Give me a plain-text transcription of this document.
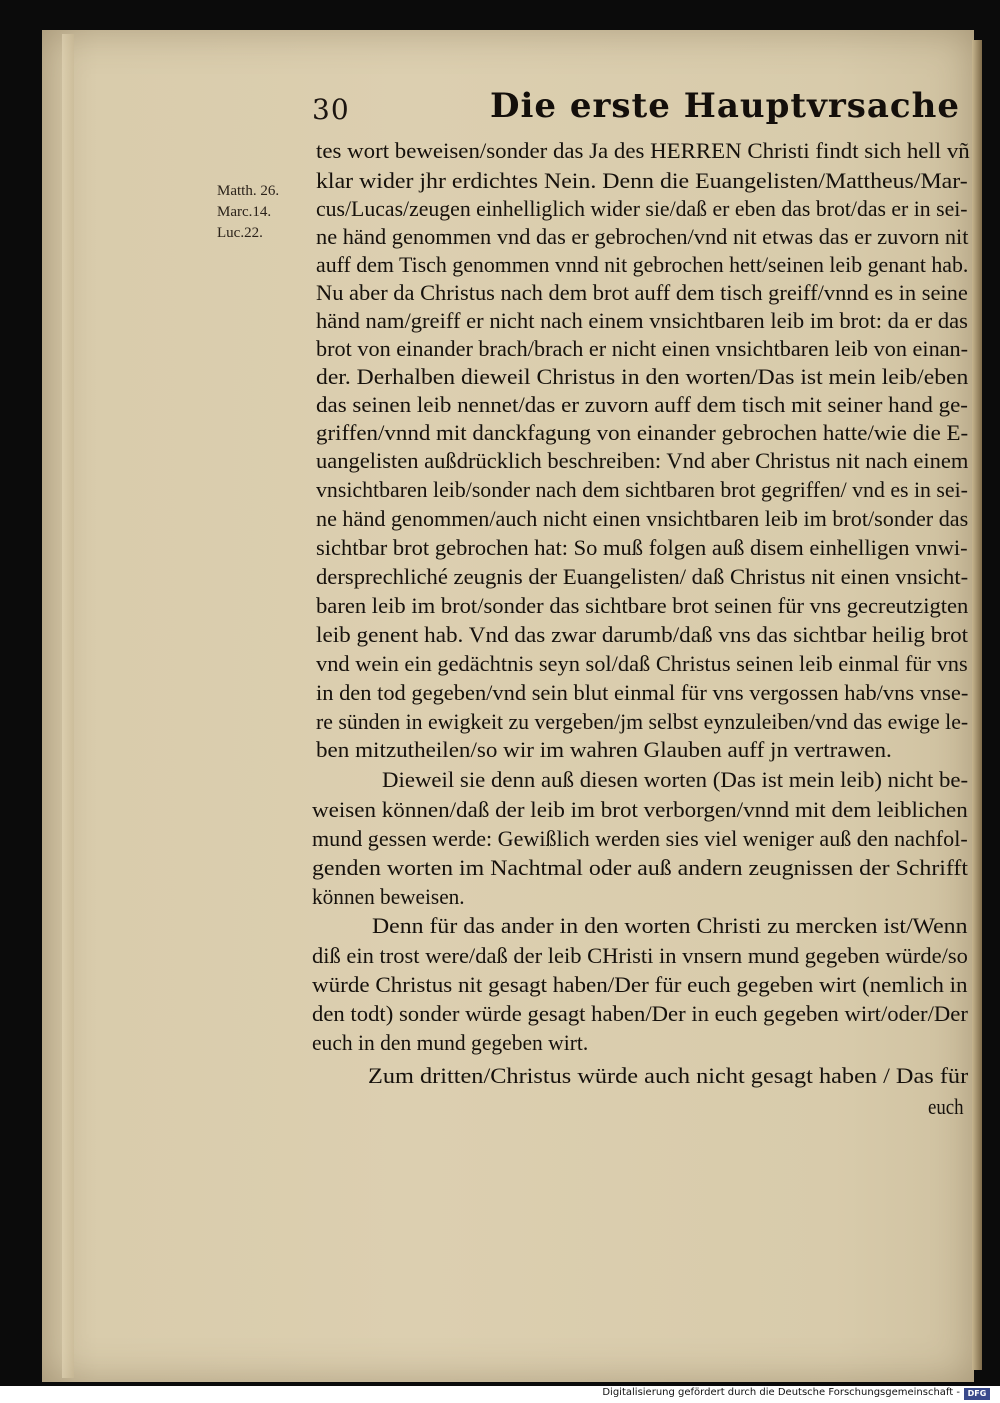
30	Die erste Hauptvrsache
Matth. 26.
Marc.14.
Luc.22.
tes wort beweisen/sonder das Ja des HERREN Christi findt sich hell vñ
klar wider jhr erdichtes Nein. Denn die Euangelisten/Mattheus/Mar-
cus/Lucas/zeugen einhelliglich wider sie/daß er eben das brot/das er in sei-
ne händ genommen vnd das er gebrochen/vnd nit etwas das er zuvorn nit
auff dem Tisch genommen vnnd nit gebrochen hett/seinen leib genant hab.
Nu aber da Christus nach dem brot auff dem tisch greiff/vnnd es in seine
händ nam/greiff er nicht nach einem vnsichtbaren leib im brot: da er das
brot von einander brach/brach er nicht einen vnsichtbaren leib von einan-
der. Derhalben dieweil Christus in den worten/Das ist mein leib/eben
das seinen leib nennet/das er zuvorn auff dem tisch mit seiner hand ge-
griffen/vnnd mit danckfagung von einander gebrochen hatte/wie die E-
uangelisten außdrücklich beschreiben: Vnd aber Christus nit nach einem
vnsichtbaren leib/sonder nach dem sichtbaren brot gegriffen/ vnd es in sei-
ne händ genommen/auch nicht einen vnsichtbaren leib im brot/sonder das
sichtbar brot gebrochen hat: So muß folgen auß disem einhelligen vnwi-
dersprechliché zeugnis der Euangelisten/ daß Christus nit einen vnsicht-
baren leib im brot/sonder das sichtbare brot seinen für vns gecreutzigten
leib genent hab. Vnd das zwar darumb/daß vns das sichtbar heilig brot
vnd wein ein gedächtnis seyn sol/daß Christus seinen leib einmal für vns
in den tod gegeben/vnd sein blut einmal für vns vergossen hab/vns vnse-
re sünden in ewigkeit zu vergeben/jm selbst eynzuleiben/vnd das ewige le-
ben mitzutheilen/so wir im wahren Glauben auff jn vertrawen.
Dieweil sie denn auß diesen worten (Das ist mein leib) nicht be-
weisen können/daß der leib im brot verborgen/vnnd mit dem leiblichen
mund gessen werde: Gewißlich werden sies viel weniger auß den nachfol-
genden worten im Nachtmal oder auß andern zeugnissen der Schrifft
können beweisen.
Denn für das ander in den worten Christi zu mercken ist/Wenn
diß ein trost were/daß der leib CHristi in vnsern mund gegeben würde/so
würde Christus nit gesagt haben/Der für euch gegeben wirt (nemlich in
den todt) sonder würde gesagt haben/Der in euch gegeben wirt/oder/Der
euch in den mund gegeben wirt.
Zum dritten/Christus würde auch nicht gesagt haben / Das für
euch
Digitalisierung gefördert durch die Deutsche Forschungsgemeinschaft - DFG
